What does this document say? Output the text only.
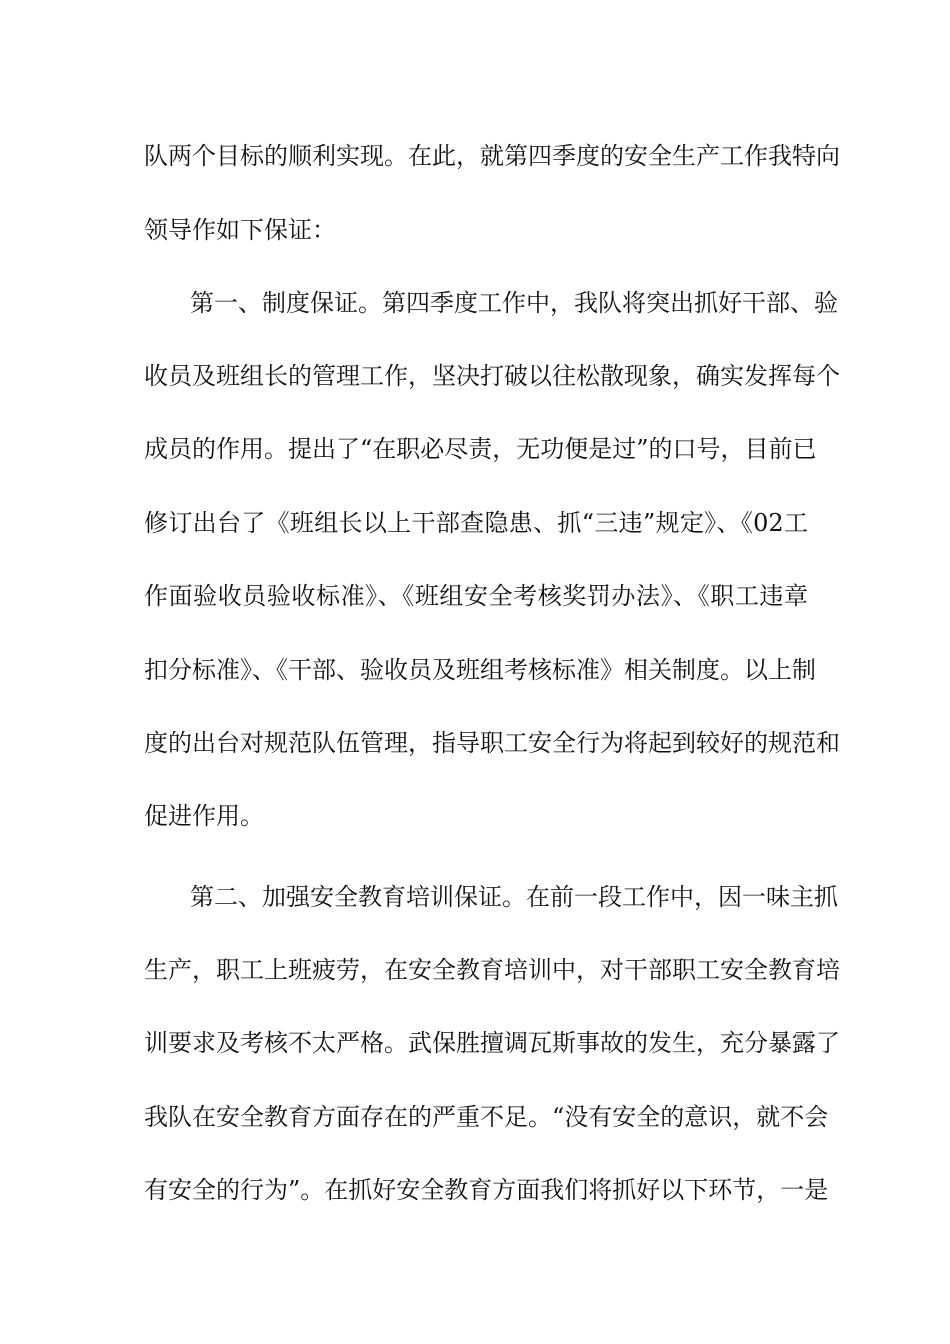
队两个目标的顺利实现。在此，就第四季度的安全生产工作我特向
领导作如下保证：
第一、制度保证。第四季度工作中，我队将突出抓好干部、验
收员及班组长的管理工作，坚决打破以往松散现象，确实发挥每个
成员的作用。提出了“在职必尽责，无功便是过”的口号，目前已
修订出台了《班组长以上干部查隐患、抓“三违”规定》、《02工
作面验收员验收标准》、《班组安全考核奖罚办法》、《职工违章
扣分标准》、《干部、验收员及班组考核标准》相关制度。以上制
度的出台对规范队伍管理，指导职工安全行为将起到较好的规范和
促进作用。
第二、加强安全教育培训保证。在前一段工作中，因一味主抓
生产，职工上班疲劳，在安全教育培训中，对干部职工安全教育培
训要求及考核不太严格。武保胜擅调瓦斯事故的发生，充分暴露了
我队在安全教育方面存在的严重不足。“没有安全的意识，就不会
有安全的行为”。在抓好安全教育方面我们将抓好以下环节，一是
